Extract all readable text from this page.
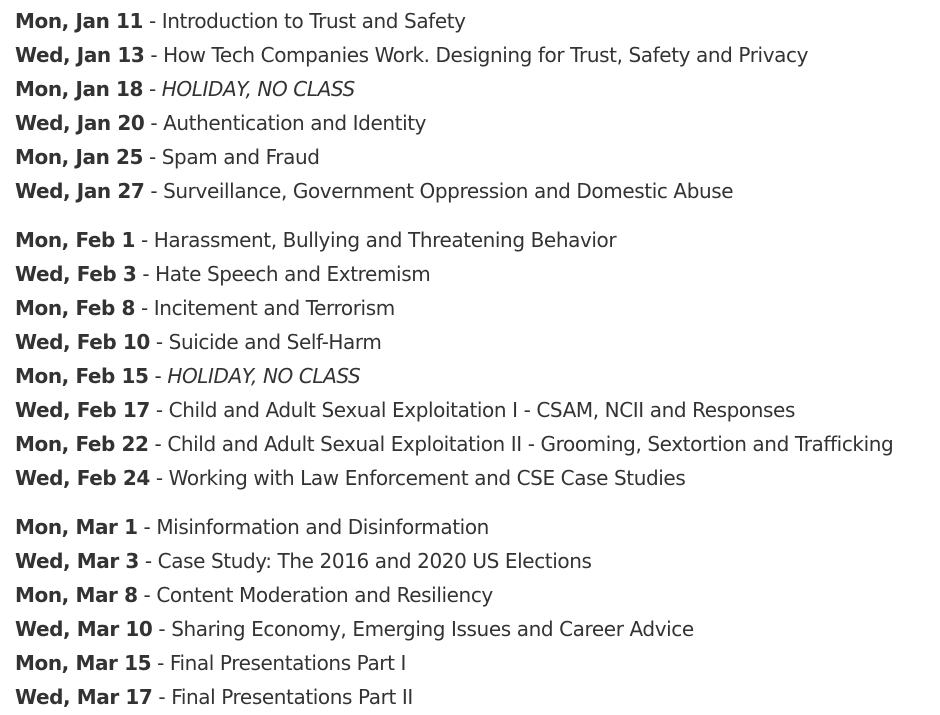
Mon, Jan 11 - Introduction to Trust and Safety
Wed, Jan 13 - How Tech Companies Work. Designing for Trust, Safety and Privacy
Mon, Jan 18 - HOLIDAY, NO CLASS
Wed, Jan 20 - Authentication and Identity
Mon, Jan 25 - Spam and Fraud
Wed, Jan 27 - Surveillance, Government Oppression and Domestic Abuse
Mon, Feb 1 - Harassment, Bullying and Threatening Behavior
Wed, Feb 3 - Hate Speech and Extremism
Mon, Feb 8 - Incitement and Terrorism
Wed, Feb 10 - Suicide and Self-Harm
Mon, Feb 15 - HOLIDAY, NO CLASS
Wed, Feb 17 - Child and Adult Sexual Exploitation I - CSAM, NCII and Responses
Mon, Feb 22 - Child and Adult Sexual Exploitation II - Grooming, Sextortion and Trafficking
Wed, Feb 24 - Working with Law Enforcement and CSE Case Studies
Mon, Mar 1 - Misinformation and Disinformation
Wed, Mar 3 - Case Study: The 2016 and 2020 US Elections
Mon, Mar 8 - Content Moderation and Resiliency
Wed, Mar 10 - Sharing Economy, Emerging Issues and Career Advice
Mon, Mar 15 - Final Presentations Part I
Wed, Mar 17 - Final Presentations Part II
